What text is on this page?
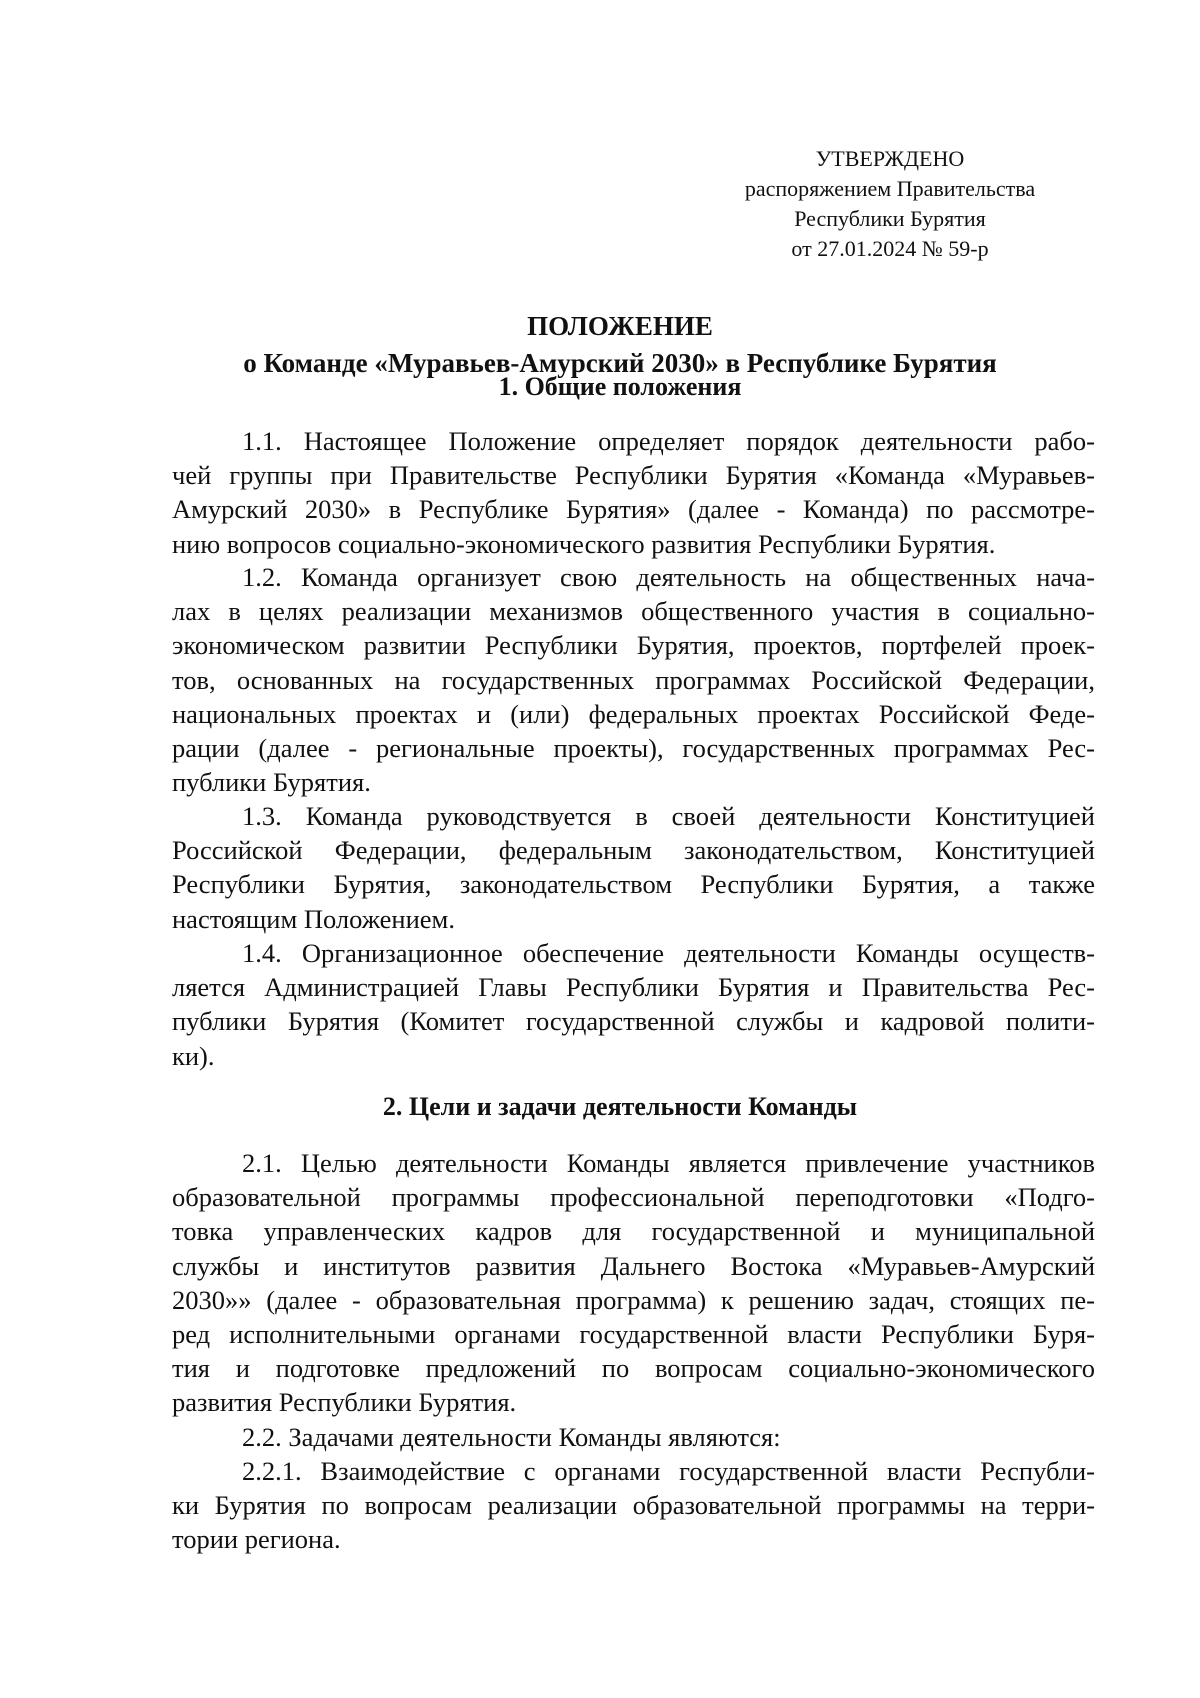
УТВЕРЖДЕНО
распоряжением Правительства
Республики Бурятия
от 27.01.2024 № 59-р
ПОЛОЖЕНИЕ
о Команде «Муравьев-Амурский 2030» в Республике Бурятия
1. Общие положения
1.1. Настоящее Положение определяет порядок деятельности рабо-
чей группы при Правительстве Республики Бурятия «Команда «Муравьев-
Амурский 2030» в Республике Бурятия» (далее - Команда) по рассмотре-
нию вопросов социально-экономического развития Республики Бурятия.
1.2. Команда организует свою деятельность на общественных нача-
лах в целях реализации механизмов общественного участия в социально-
экономическом развитии Республики Бурятия, проектов, портфелей проек-
тов, основанных на государственных программах Российской Федерации,
национальных проектах и (или) федеральных проектах Российской Феде-
рации (далее - региональные проекты), государственных программах Рес-
публики Бурятия.
1.3. Команда руководствуется в своей деятельности Конституцией
Российской Федерации, федеральным законодательством, Конституцией
Республики Бурятия, законодательством Республики Бурятия, а также
настоящим Положением.
1.4. Организационное обеспечение деятельности Команды осуществ-
ляется Администрацией Главы Республики Бурятия и Правительства Рес-
публики Бурятия (Комитет государственной службы и кадровой полити-
ки).
2. Цели и задачи деятельности Команды
2.1. Целью деятельности Команды является привлечение участников
образовательной программы профессиональной переподготовки «Подго-
товка управленческих кадров для государственной и муниципальной
службы и институтов развития Дальнего Востока «Муравьев-Амурский
2030»» (далее - образовательная программа) к решению задач, стоящих пе-
ред исполнительными органами государственной власти Республики Буря-
тия и подготовке предложений по вопросам социально-экономического
развития Республики Бурятия.
2.2. Задачами деятельности Команды являются:
2.2.1. Взаимодействие с органами государственной власти Республи-
ки Бурятия по вопросам реализации образовательной программы на терри-
тории региона.
